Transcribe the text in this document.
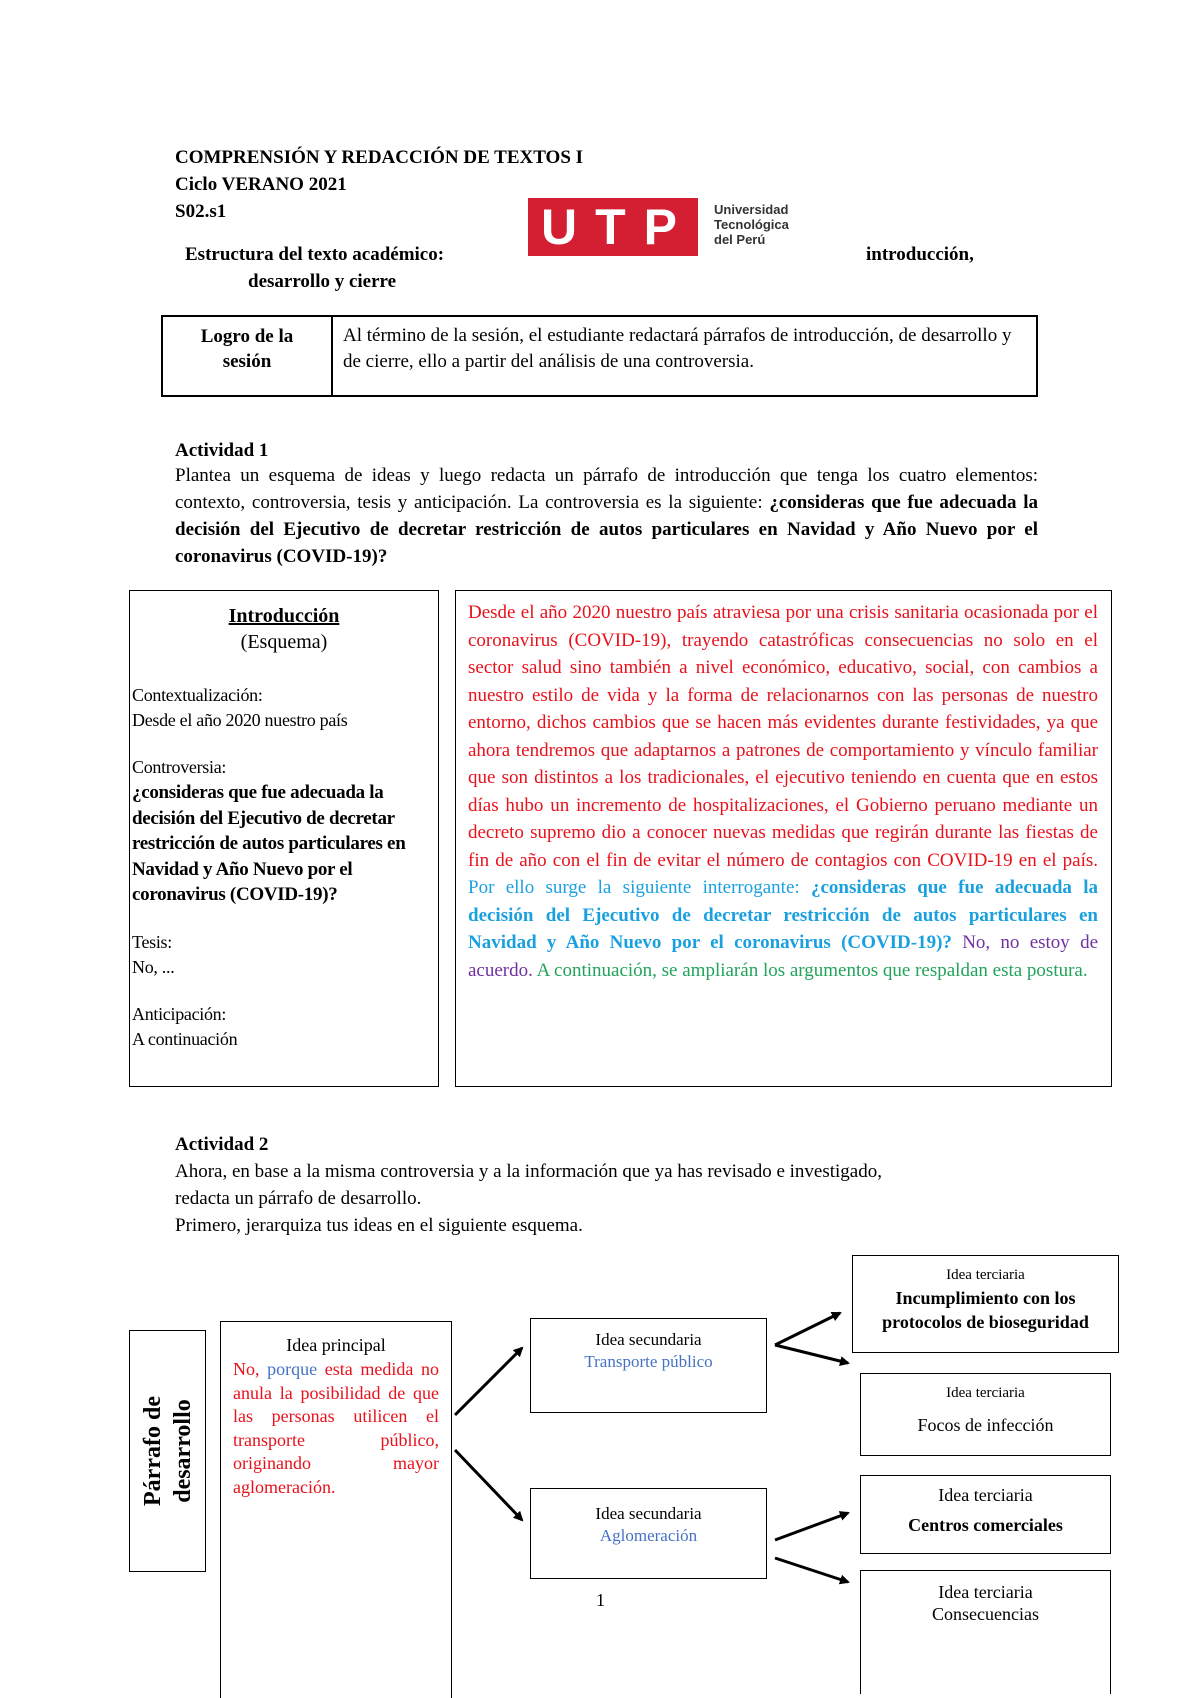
COMPRENSIÓN Y REDACCIÓN DE TEXTOS I
Ciclo VERANO 2021
S02.s1
Estructura del texto académico:	introducción,
desarrollo y cierre
UTP Universidad
Tecnológica
del Perú
Logro de la
sesión
Al término de la sesión, el estudiante redactará párrafos de introducción, de desarrollo y de cierre, ello a partir del análisis de una controversia.
Actividad 1
Plantea un esquema de ideas y luego redacta un párrafo de introducción que tenga los cuatro elementos: contexto, controversia, tesis y anticipación. La controversia es la siguiente: ¿consideras que fue adecuada la decisión del Ejecutivo de decretar restricción de autos particulares en Navidad y Año Nuevo por el coronavirus (COVID-19)?
Introducción
(Esquema)
Contextualización:
Desde el año 2020 nuestro país
Controversia:
¿consideras que fue adecuada la decisión del Ejecutivo de decretar restricción de autos particulares en Navidad y Año Nuevo por el coronavirus (COVID-19)?
Tesis:
No, ...
Anticipación:
A continuación
Desde el año 2020 nuestro país atraviesa por una crisis sanitaria ocasionada por el coronavirus (COVID-19), trayendo catastróficas consecuencias no solo en el sector salud sino también a nivel económico, educativo, social, con cambios a nuestro estilo de vida y la forma de relacionarnos con las personas de nuestro entorno, dichos cambios que se hacen más evidentes durante festividades, ya que ahora tendremos que adaptarnos a patrones de comportamiento y vínculo familiar que son distintos a los tradicionales, el ejecutivo teniendo en cuenta que en estos días hubo un incremento de hospitalizaciones, el Gobierno peruano mediante un decreto supremo dio a conocer nuevas medidas que regirán durante las fiestas de fin de año con el fin de evitar el número de contagios con COVID-19 en el país. Por ello surge la siguiente interrogante: ¿consideras que fue adecuada la decisión del Ejecutivo de decretar restricción de autos particulares en Navidad y Año Nuevo por el coronavirus (COVID-19)? No, no estoy de acuerdo. A continuación, se ampliarán los argumentos que respaldan esta postura.
Actividad 2
Ahora, en base a la misma controversia y a la información que ya has revisado e investigado,
redacta un párrafo de desarrollo.
Primero, jerarquiza tus ideas en el siguiente esquema.
Párrafo de desarrollo
Idea principal
No, porque esta medida no anula la posibilidad de que las personas utilicen el transporte público, originando mayor aglomeración.
Idea secundaria
Transporte público
Idea secundaria
Aglomeración
Idea terciaria
Incumplimiento con los protocolos de bioseguridad
Idea terciaria
Focos de infección
Idea terciaria
Centros comerciales
Idea terciaria
Consecuencias
1
